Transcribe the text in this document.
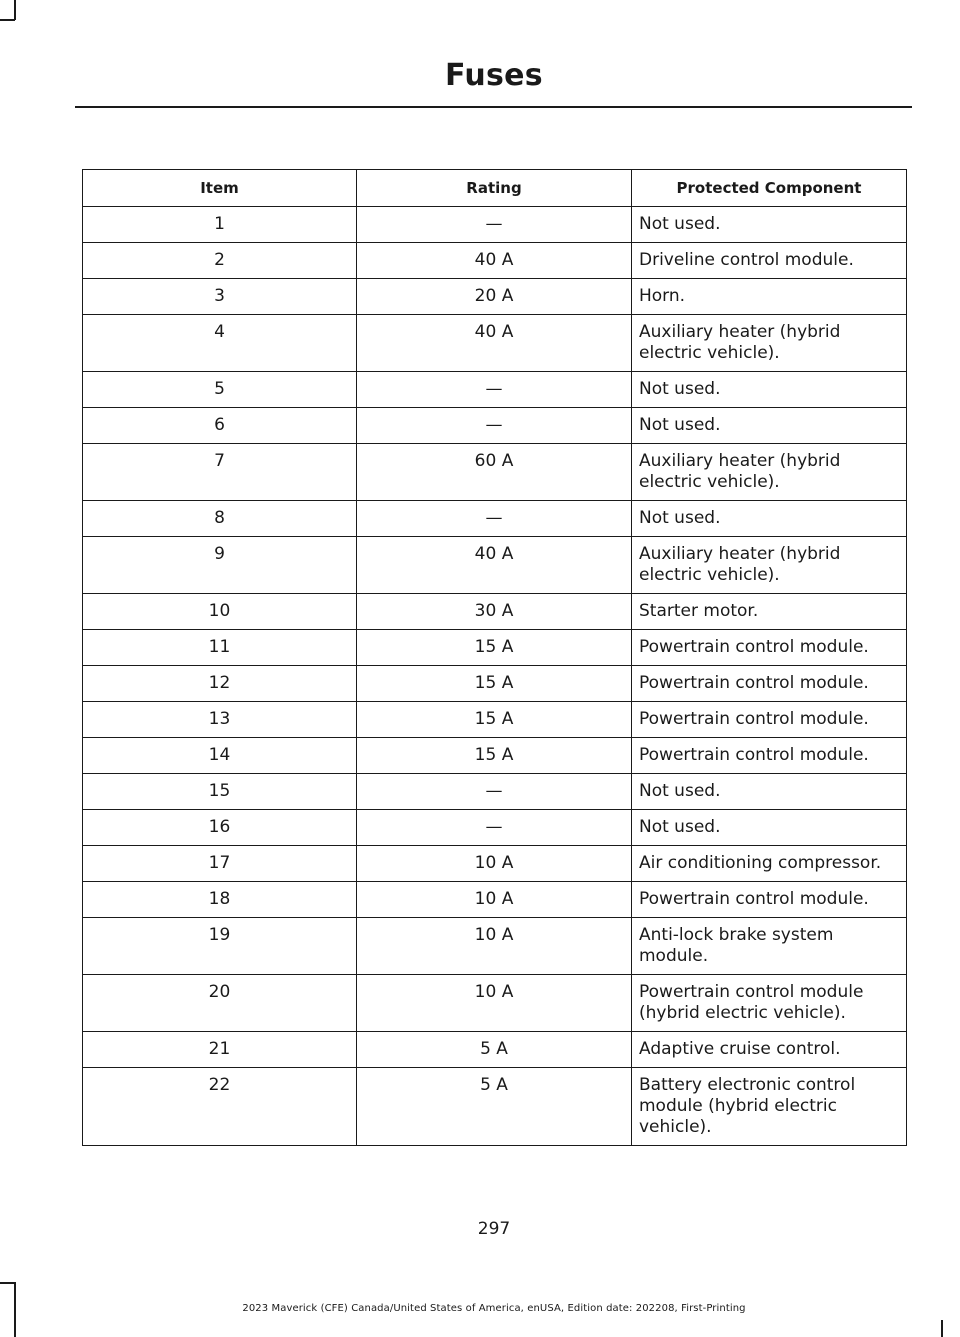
Fuses
Item	Rating	Protected Component
1	—	Not used.
2	40 A	Driveline control module.
3	20 A	Horn.
4	40 A	Auxiliary heater (hybrid electric vehicle).
5	—	Not used.
6	—	Not used.
7	60 A	Auxiliary heater (hybrid electric vehicle).
8	—	Not used.
9	40 A	Auxiliary heater (hybrid electric vehicle).
10	30 A	Starter motor.
11	15 A	Powertrain control module.
12	15 A	Powertrain control module.
13	15 A	Powertrain control module.
14	15 A	Powertrain control module.
15	—	Not used.
16	—	Not used.
17	10 A	Air conditioning compressor.
18	10 A	Powertrain control module.
19	10 A	Anti-lock brake system module.
20	10 A	Powertrain control module (hybrid electric vehicle).
21	5 A	Adaptive cruise control.
22	5 A	Battery electronic control module (hybrid electric vehicle).
297
2023 Maverick (CFE) Canada/United States of America, enUSA, Edition date: 202208, First-Printing
